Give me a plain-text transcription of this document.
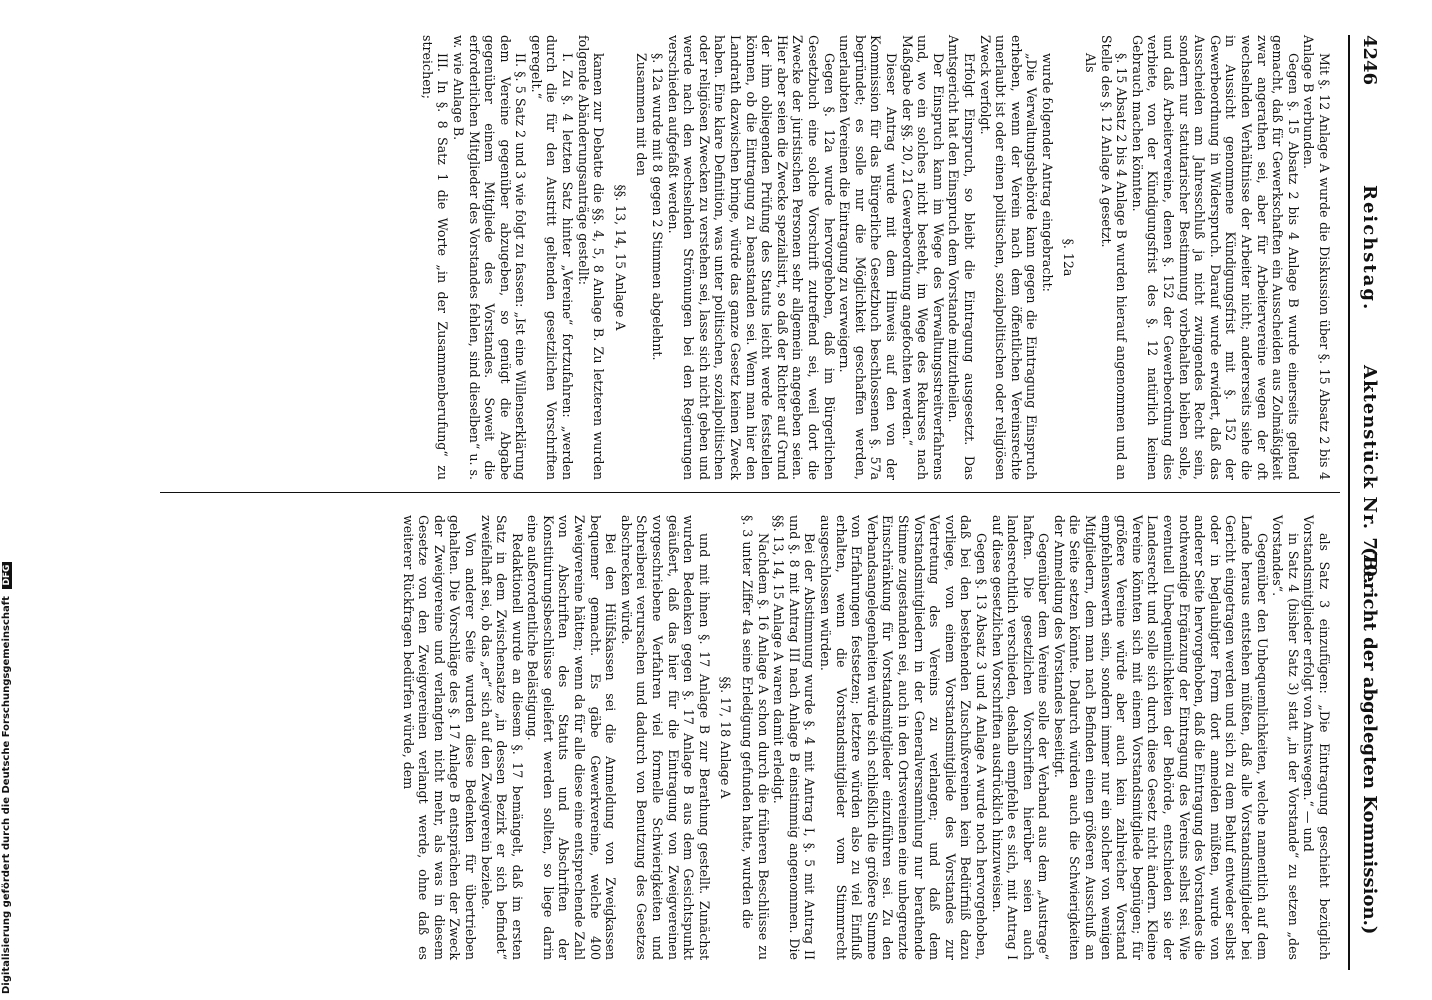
4246
Reichstag.
Aktenstück Nr. 770.
(Bericht der abgelegten Kommission.)

Mit §. 12 Anlage A wurde die Diskussion über §. 15 Absatz 2 bis 4 Anlage B verbunden.

Gegen §. 15 Absatz 2 bis 4 Anlage B wurde einerseits geltend gemacht, daß für Gewerkschaften ein Ausscheiden aus Zolmäßigkeit zwar angerathen sei, aber für Arbeitervereine wegen der oft wechselnden Verhältnisse der Arbeiter nicht; andererseits siehe die in Aussicht genommene Kündigungsfrist mit §. 152 der Gewerbeordnung in Widerspruch. Darauf wurde erwidert, daß das Ausscheiden am Jahresschluß ja nicht zwingendes Recht sein, sondern nur statutarischer Bestimmung vorbehalten bleiben solle, und daß Arbeitervereine, denen §. 152 der Gewerbeordnung dies verbiete, von der Kündigungsfrist des §. 12 natürlich keinen Gebrauch machen könnten.

§. 15 Absatz 2 bis 4 Anlage B wurden hierauf angenommen und an Stelle des §. 12 Anlage A gesetzt.

Als

§. 12a

wurde folgender Antrag eingebracht:

„Die Verwaltungsbehörde kann gegen die Eintragung Einspruch erheben, wenn der Verein nach dem öffentlichen Vereinsrechte unerlaubt ist oder einen politischen, sozialpolitischen oder religiösen Zweck verfolgt.

Erfolgt Einspruch, so bleibt die Eintragung ausgesetzt. Das Amtsgericht hat den Einspruch dem Vorstande mitzutheilen.

Der Einspruch kann im Wege des Verwaltungsstreitverfahrens und, wo ein solches nicht besteht, im Wege des Rekurses nach Maßgabe der §§. 20, 21 Gewerbeordnung angefochten werden.“

Dieser Antrag wurde mit dem Hinweis auf den von der Kommission für das Bürgerliche Gesetzbuch beschlossenen §. 57a begründet; es solle nur die Möglichkeit geschaffen werden, unerlaubten Vereinen die Eintragung zu verweigern.

Gegen §. 12a wurde hervorgehoben, daß im Bürgerlichen Gesetzbuch eine solche Vorschrift zutreffend sei, weil dort die Zwecke der juristischen Personen sehr allgemein angegeben seien. Hier aber seien die Zwecke spezialisirt, so daß der Richter auf Grund der ihm obliegenden Prüfung des Statuts leicht werde feststellen können, ob die Eintragung zu beanstanden sei. Wenn man hier den Landrath dazwischen bringe, würde das ganze Gesetz keinen Zweck haben. Eine klare Definition, was unter politischen, sozialpolitischen oder religiösen Zwecken zu verstehen sei, lasse sich nicht geben und werde nach den wechselnden Strömungen bei den Regierungen verschieden aufgefaßt werden.

§. 12a wurde mit 8 gegen 2 Stimmen abgelehnt.

Zusammen mit den

§§. 13, 14, 15 Anlage A

kamen zur Debatte die §§. 4, 5, 8 Anlage B. Zu letzteren wurden folgende Abänderungsanträge gestellt:

I. Zu §. 4 letzten Satz hinter „Vereine“ fortzufahren: „werden durch die für den Austritt geltenden gesetzlichen Vorschriften geregelt.“

II. §. 5 Satz 2 und 3 wie folgt zu fassen: „Ist eine Willenserklärung dem Vereine gegenüber abzugeben, so genügt die Abgabe gegenüber einem Mitgliede des Vorstandes. Soweit die erforderlichen Mitglieder des Vorstandes fehlen, sind dieselben“ u. s. w. wie Anlage B.

III. In §. 8 Satz 1 die Worte „in der Zusammenberufung“ zu streichen;

als Satz 3 einzufügen: „Die Eintragung geschieht bezüglich Vorstandsmitglieder erfolgt von Amtswegen.“ — und

in Satz 4 (bisher Satz 3) statt „in der Vorstande“ zu setzen „des Vorstandes“.

Gegenüber den Unbequemlichkeiten, welche namentlich auf dem Lande heraus entstehen müßten, daß alle Vorstandsmitglieder bei Gericht eingetragen werden und sich zu dem Behuf entweder selbst oder in beglaubigter Form dort anmelden müßten, wurde von anderer Seite hervorgehoben, daß die Eintragung des Vorstandes die nothwendige Ergänzung der Eintragung des Vereins selbst sei. Wie eventuell Unbequemlichkeiten der Behörde, entschieden sie der Landesrecht und solle sich durch diese Gesetz nicht ändern. Kleine Vereine könnten sich mit einem Vorstandsmitgliede begnügen; für größere Vereine würde aber auch kein zahlreicher Vorstand empfehlenswerth sein, sondern immer nur ein solcher von wenigen Mitgliedern, dem man nach Befinden einen größeren Ausschuß an die Seite setzen könnte. Dadurch würden auch die Schwierigkeiten der Anmeldung des Vorstandes beseitigt.

Gegenüber dem Vereine solle der Verband aus dem „Austrage“ haften. Die gesetzlichen Vorschriften hierüber seien auch landesrechtlich verschieden, deshalb empfehle es sich, mit Antrag I auf diese gesetzlichen Vorschriften ausdrücklich hinzuweisen.

Gegen §. 13 Absatz 3 und 4 Anlage A wurde noch hervorgehoben, daß bei den bestehenden Zuschußvereinen kein Bedürfniß dazu vorliege, von einem Vorstandsmitgliede des Vorstandes zur Vertretung des Vereins zu verlangen; und daß dem Vorstandsmitgliedern in der Generalversammlung nur berathende Stimme zugestanden sei, auch in den Ortsvereinen eine unbegrenzte Einschränkung für Vorstandsmitglieder einzuführen sei. Zu den Verbandsangelegenheiten würde sich schließlich die größere Summe von Erfahrungen festsetzen; letztere würden also zu viel Einfluß erhalten, wenn die Vorstandsmitglieder vom Stimmrecht ausgeschlossen würden.

Bei der Abstimmung wurde §. 4 mit Antrag I, §. 5 mit Antrag II und §. 8 mit Antrag III nach Anlage B einstimmig angenommen. Die §§. 13, 14, 15 Anlage A waren damit erledigt.

Nachdem §. 16 Anlage A schon durch die früheren Beschlüsse zu §. 3 unter Ziffer 4a seine Erledigung gefunden hatte, wurden die

§§. 17, 18 Anlage A

und mit ihnen §. 17 Anlage B zur Berathung gestellt. Zunächst wurden Bedenken gegen §. 17 Anlage B aus dem Gesichtspunkt geäußert, daß das hier für die Eintragung von Zweigvereinen vorgeschriebene Verfahren viel formelle Schwierigkeiten und Schreiberei verursachen und dadurch von Benutzung des Gesetzes abschrecken würde.

Bei den Hülfskassen sei die Anmeldung von Zweigkassen bequemer gemacht. Es gäbe Gewerkvereine, welche 400 Zweigvereine hätten; wenn da für alle diese eine entsprechende Zahl von Abschriften des Statuts und Abschriften der Konstituirungsbeschlüsse geliefert werden sollten, so liege darin eine außerordentliche Belästigung.

Redaktionell wurde an diesem §. 17 bemängelt, daß im ersten Satz in dem Zwischensatze „in dessen Bezirk er sich befindet“ zweifelhaft sei, ob das „er“ sich auf den Zweigverein beziehe.

Von anderer Seite wurden diese Bedenken für übertrieben gehalten. Die Vorschläge des §. 17 Anlage B entsprächen der Zweck der Zweigvereine und verlangten nicht mehr, als was in diesem Gesetze von den Zweigvereinen verlangt werde, ohne daß es weiterer Rückfragen bedürfen würde, dem

Digitalisierung gefördert durch die Deutsche Forschungsgemeinschaft DFG
